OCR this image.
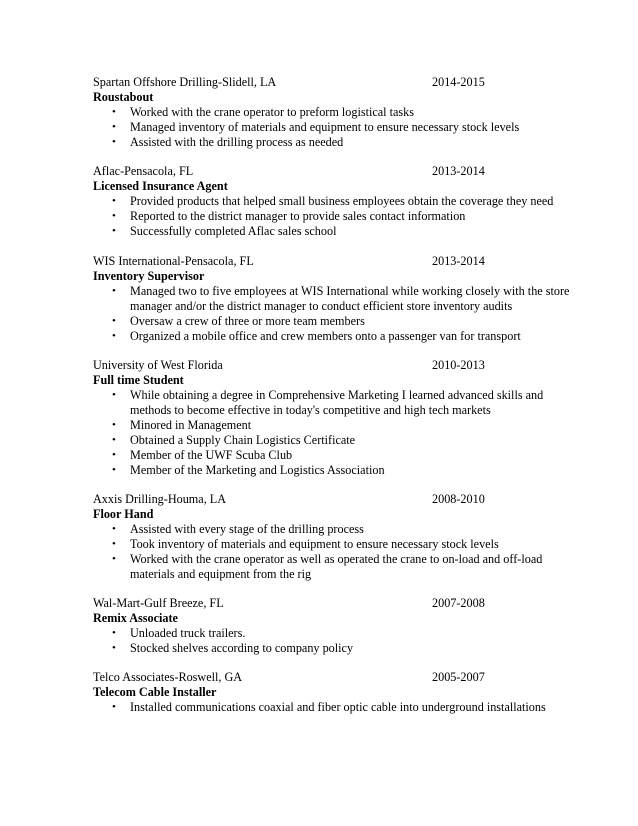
Spartan Offshore Drilling-Slidell, LA	2014-2015
Roustabout
• Worked with the crane operator to preform logistical tasks
• Managed inventory of materials and equipment to ensure necessary stock levels
• Assisted with the drilling process as needed
Aflac-Pensacola, FL	2013-2014
Licensed Insurance Agent
• Provided products that helped small business employees obtain the coverage they need
• Reported to the district manager to provide sales contact information
• Successfully completed Aflac sales school
WIS International-Pensacola, FL	2013-2014
Inventory Supervisor
• Managed two to five employees at WIS International while working closely with the store manager and/or the district manager to conduct efficient store inventory audits
• Oversaw a crew of three or more team members
• Organized a mobile office and crew members onto a passenger van for transport
University of West Florida	2010-2013
Full time Student
• While obtaining a degree in Comprehensive Marketing I learned advanced skills and methods to become effective in today's competitive and high tech markets
• Minored in Management
• Obtained a Supply Chain Logistics Certificate
• Member of the UWF Scuba Club
• Member of the Marketing and Logistics Association
Axxis Drilling-Houma, LA	2008-2010
Floor Hand
• Assisted with every stage of the drilling process
• Took inventory of materials and equipment to ensure necessary stock levels
• Worked with the crane operator as well as operated the crane to on-load and off-load materials and equipment from the rig
Wal-Mart-Gulf Breeze, FL	2007-2008
Remix Associate
• Unloaded truck trailers.
• Stocked shelves according to company policy
Telco Associates-Roswell, GA	2005-2007
Telecom Cable Installer
• Installed communications coaxial and fiber optic cable into underground installations
